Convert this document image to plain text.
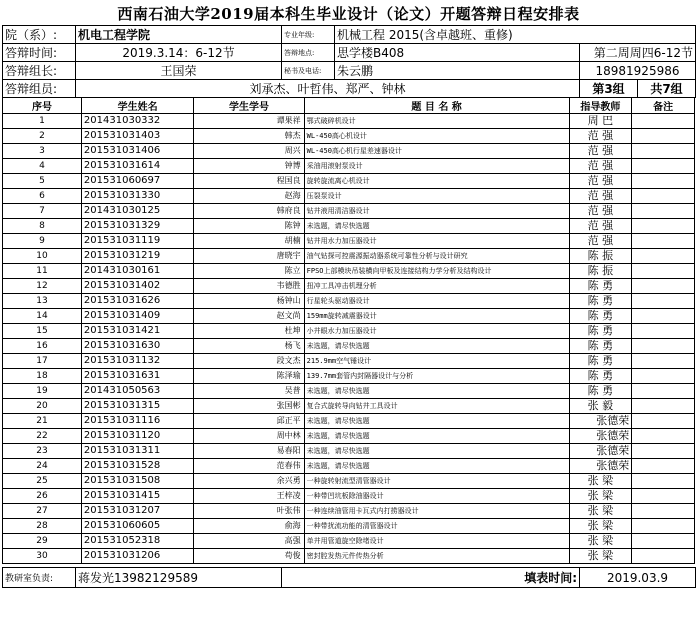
西南石油大学2019届本科生毕业设计（论文）开题答辩日程安排表
院（系）:	机电工程学院	专业年级:	机械工程 2015(含卓越班、重修)	
答辩时间:	2019.3.14：6-12节	答辩地点:	思学楼B408	第二周周四6-12节
答辩组长:	王国荣	秘书及电话:	朱云鹏	18981925986
答辩组员:	刘承杰、叶哲伟、郑严、钟林	第3组	共7组
序号	学生姓名	学生学号	题 目 名 称	指导教师	备注
1	201431030332	谭果祥	鄂式破碎机设计	周 巴	
2	201531031403	韩杰	WL-450高心机设计	范 强	
3	201531031406	周兴	WL-450高心机行星差速器设计	范 强	
4	201531031614	钟博	采油用滚射泵设计	范 强	
5	201531060697	程国良	旋转旋流离心机设计	范 强	
6	201531031330	赵海	压裂泵设计	范 强	
7	201431030125	韩府良	钻井液用清洁器设计	范 强	
8	201531031329	陈钟	未选题，请尽快选题	范 强	
9	201531031119	胡楠	钻井用水力加压器设计	范 强	
10	201531031219	唐晓宇	油气钻探可控震源振动器系统可靠性分析与设计研究	陈 振	
11	201431030161	陈立	FPSO上部模块吊装横向甲板及连接结构力学分析及结构设计	陈 振	
12	201531031402	韦德胜	扭冲工具冲击机理分析	陈 勇	
13	201531031626	杨钟山	行星轮头驱动器设计	陈 勇	
14	201531031409	赵文尚	159mm旋转减震器设计	陈 勇	
15	201531031421	杜坤	小井眼水力加压器设计	陈 勇	
16	201531031630	杨飞	未选题，请尽快选题	陈 勇	
17	201531031132	段文杰	215.9mm空气锤设计	陈 勇	
18	201531031631	陈泽瑜	139.7mm套管内封隔器设计与分析	陈 勇	
19	201431050563	吴普	未选题，请尽快选题	陈 勇	
20	201531031315	张国彬	复合式旋转导向钻井工具设计	张 毅	
21	201531031116	邱正平	未选题，请尽快选题	张德荣	
22	201531031120	周中林	未选题，请尽快选题	张德荣	
23	201531031311	易春阳	未选题，请尽快选题	张德荣	
24	201531031528	范春伟	未选题，请尽快选题	张德荣	
25	201531031508	余兴勇	一种旋转射流型清管器设计	张 梁	
26	201531031415	王梓凌	一种带凹坑板除油器设计	张 梁	
27	201531031207	叶张伟	一种连续油管用卡瓦式内打捞器设计	张 梁	
28	201531060605	俞海	一种带扰流功能的清管器设计	张 梁	
29	201531052318	高强	单井用管道旋空除堵设计	张 梁	
30	201531031206	苟俊	密封腔发热元件传热分析	张 梁	
教研室负责:	蒋发光13982129589	填表时间:	2019.03.9
